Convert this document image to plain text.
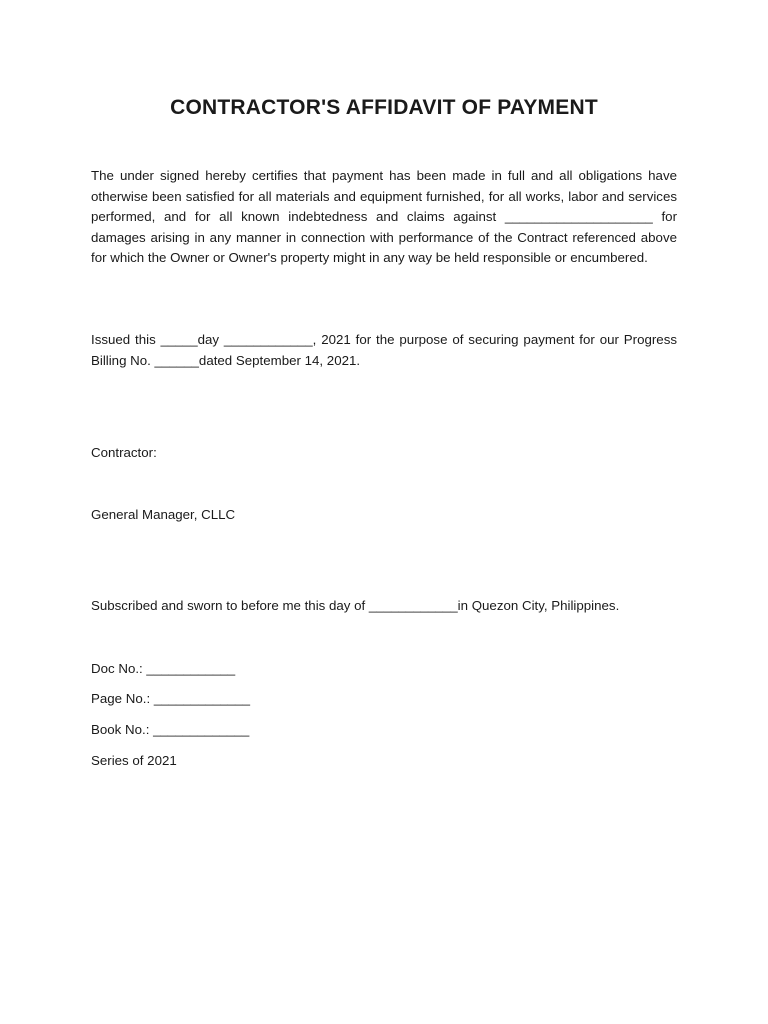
CONTRACTOR'S AFFIDAVIT OF PAYMENT

The under signed hereby certifies that payment has been made in full and all obligations have otherwise been satisfied for all materials and equipment furnished, for all works, labor and services performed, and for all known indebtedness and claims against ____________________ for damages arising in any manner in connection with performance of the Contract referenced above for which the Owner or Owner's property might in any way be held responsible or encumbered.

Issued this _____day ____________, 2021 for the purpose of securing payment for our Progress Billing No. ______dated September 14, 2021.

Contractor:

General Manager, CLLC

Subscribed and sworn to before me this day of ____________in Quezon City, Philippines.

Doc No.: ____________

Page No.: _____________

Book No.: _____________

Series of 2021
